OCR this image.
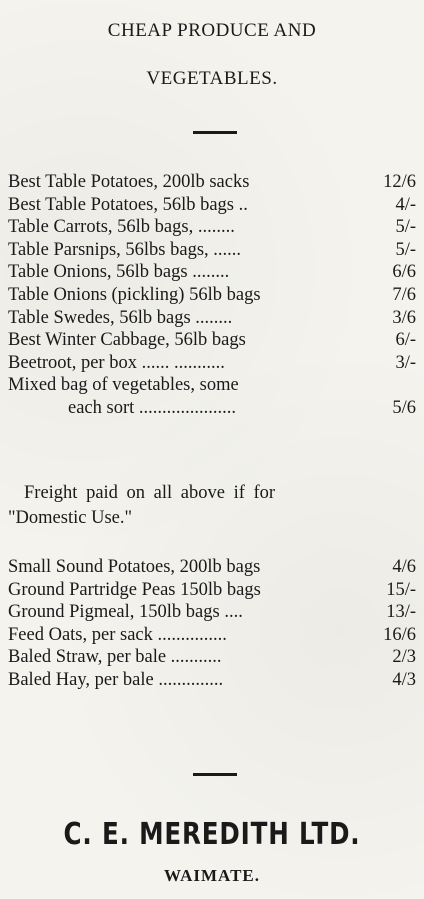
CHEAP PRODUCE AND
VEGETABLES.
Best Table Potatoes, 200lb sacks	12/6
Best Table Potatoes, 56lb bags ..	4/-
Table Carrots, 56lb bags, ........	5/-
Table Parsnips, 56lbs bags, ......	5/-
Table Onions, 56lb bags ........	6/6
Table Onions (pickling) 56lb bags	7/6
Table Swedes, 56lb bags ........	3/6
Best Winter Cabbage, 56lb bags	6/-
Beetroot, per box ...... ...........	3/-
Mixed bag of vegetables, some
each sort .....................	5/6
Freight paid on all above if for
"Domestic Use."
Small Sound Potatoes, 200lb bags	4/6
Ground Partridge Peas 150lb bags	15/-
Ground Pigmeal, 150lb bags ....	13/-
Feed Oats, per sack ...............	16/6
Baled Straw, per bale ...........	2/3
Baled Hay, per bale ..............	4/3
C. E. MEREDITH LTD.
WAIMATE.
